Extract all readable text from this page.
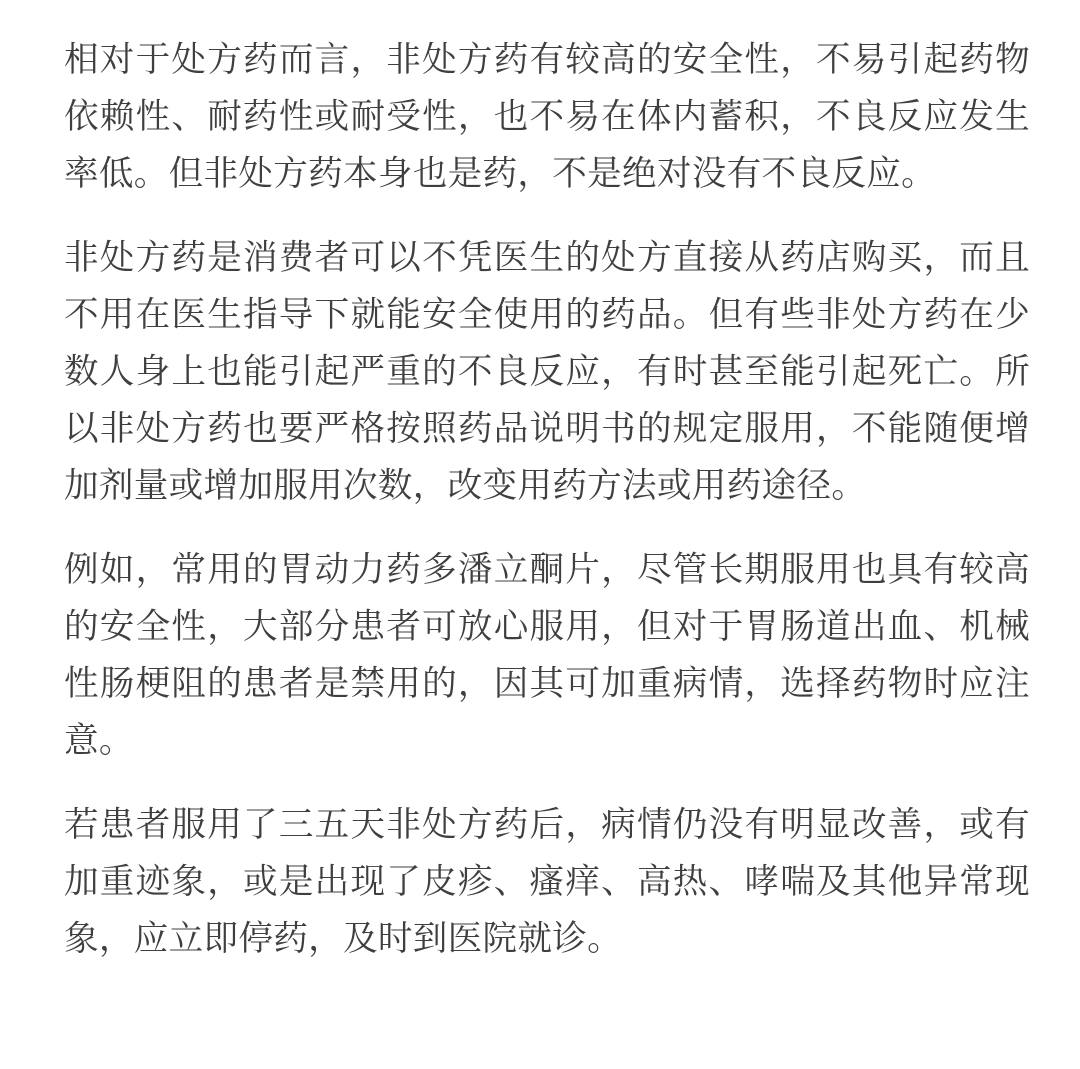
相对于处方药而言，非处方药有较高的安全性，不易引起药物依赖性、耐药性或耐受性，也不易在体内蓄积，不良反应发生率低。但非处方药本身也是药，不是绝对没有不良反应。

非处方药是消费者可以不凭医生的处方直接从药店购买，而且不用在医生指导下就能安全使用的药品。但有些非处方药在少数人身上也能引起严重的不良反应，有时甚至能引起死亡。所以非处方药也要严格按照药品说明书的规定服用，不能随便增加剂量或增加服用次数，改变用药方法或用药途径。

例如，常用的胃动力药多潘立酮片，尽管长期服用也具有较高的安全性，大部分患者可放心服用，但对于胃肠道出血、机械性肠梗阻的患者是禁用的，因其可加重病情，选择药物时应注意。

若患者服用了三五天非处方药后，病情仍没有明显改善，或有加重迹象，或是出现了皮疹、瘙痒、高热、哮喘及其他异常现象，应立即停药，及时到医院就诊。
